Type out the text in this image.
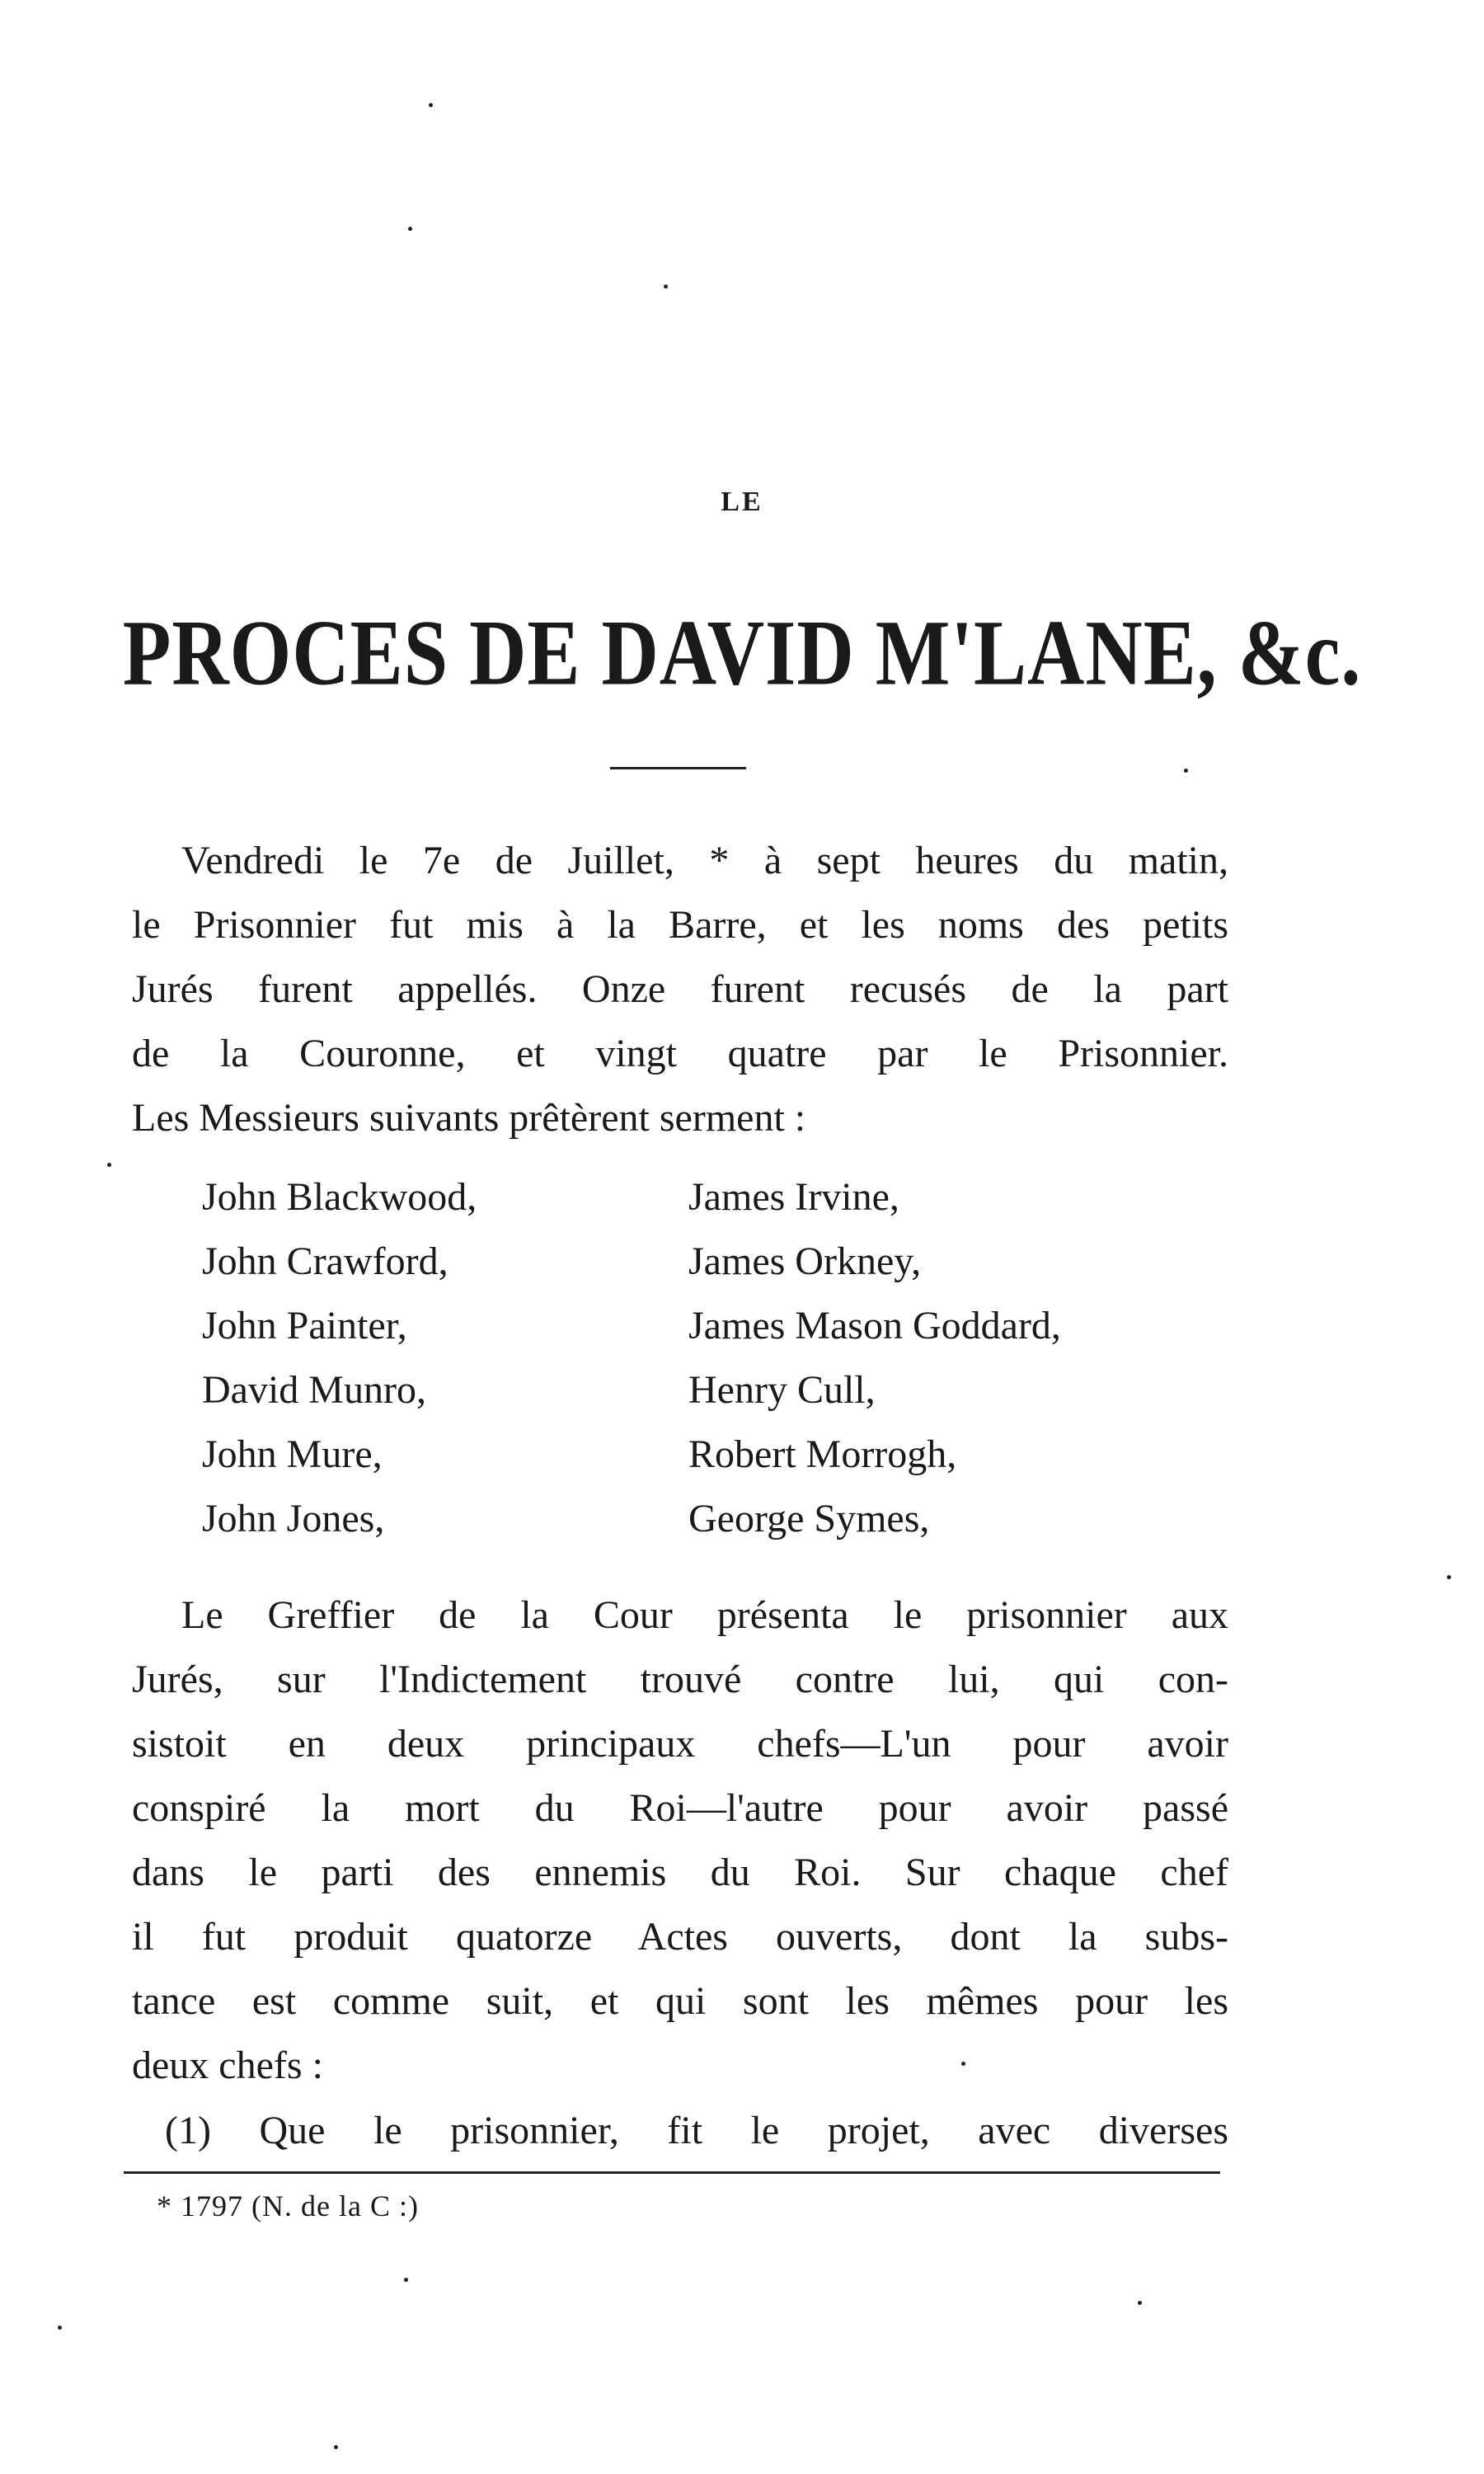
LE
PROCES DE DAVID M'LANE, &c.
Vendredi le 7e de Juillet, * à sept heures du matin,
le Prisonnier fut mis à la Barre, et les noms des petits
Jurés furent appellés. Onze furent recusés de la part
de la Couronne, et vingt quatre par le Prisonnier.
Les Messieurs suivants prêtèrent serment :
John Blackwood,	James Irvine,
John Crawford,	James Orkney,
John Painter,	James Mason Goddard,
David Munro,	Henry Cull,
John Mure,	Robert Morrogh,
John Jones,	George Symes,
Le Greffier de la Cour présenta le prisonnier aux
Jurés, sur l'Indictement trouvé contre lui, qui con-
sistoit en deux principaux chefs—L'un pour avoir
conspiré la mort du Roi—l'autre pour avoir passé
dans le parti des ennemis du Roi. Sur chaque chef
il fut produit quatorze Actes ouverts, dont la subs-
tance est comme suit, et qui sont les mêmes pour les
deux chefs :
(1) Que le prisonnier, fit le projet, avec diverses
* 1797 (N. de la C :)
